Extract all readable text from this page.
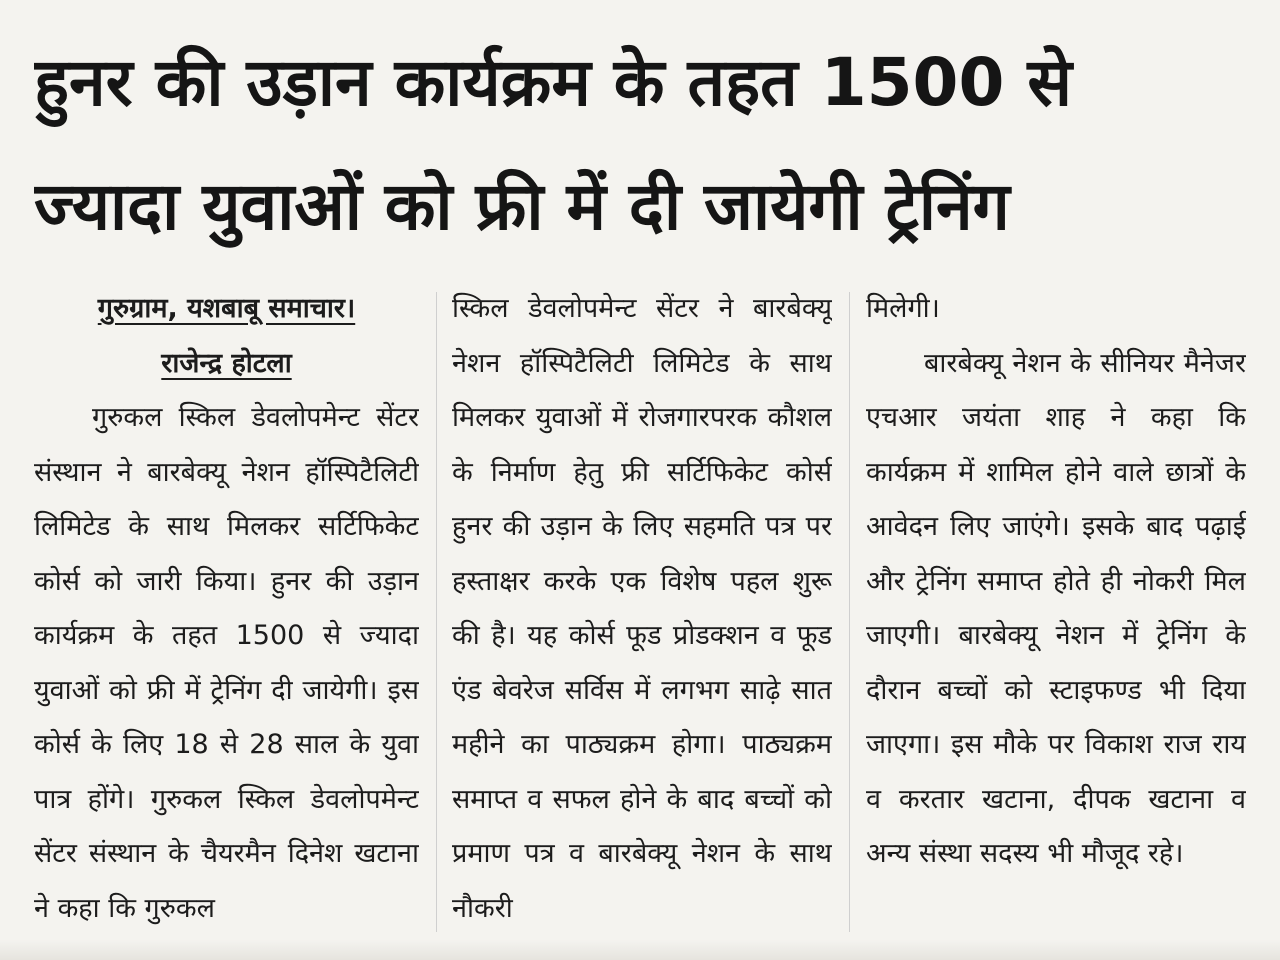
हुनर की उड़ान कार्यक्रम के तहत 1500 से
ज्यादा युवाओं को फ्री में दी जायेगी ट्रेनिंग
गुरुग्राम, यशबाबू समाचार।
राजेन्द्र होटला

गुरुकल स्किल डेवलोपमेन्ट सेंटर संस्थान ने बारबेक्यू नेशन हॉस्पिटैलिटी लिमिटेड के साथ मिलकर सर्टिफिकेट कोर्स को जारी किया। हुनर की उड़ान कार्यक्रम के तहत 1500 से ज्यादा युवाओं को फ्री में ट्रेनिंग दी जायेगी। इस कोर्स के लिए 18 से 28 साल के युवा पात्र होंगे। गुरुकल स्किल डेवलोपमेन्ट सेंटर संस्थान के चैयरमैन दिनेश खटाना ने कहा कि गुरुकल

स्किल डेवलोपमेन्ट सेंटर ने बारबेक्यू नेशन हॉस्पिटैलिटी लिमिटेड के साथ मिलकर युवाओं में रोजगारपरक कौशल के निर्माण हेतु फ्री सर्टिफिकेट कोर्स हुनर की उड़ान के लिए सहमति पत्र पर हस्ताक्षर करके एक विशेष पहल शुरू की है। यह कोर्स फूड प्रोडक्शन व फूड एंड बेवरेज सर्विस में लगभग साढ़े सात महीने का पाठ्यक्रम होगा। पाठ्यक्रम समाप्त व सफल होने के बाद बच्चों को प्रमाण पत्र व बारबेक्यू नेशन के साथ नौकरी

मिलेगी।

बारबेक्यू नेशन के सीनियर मैनेजर एचआर जयंता शाह ने कहा कि कार्यक्रम में शामिल होने वाले छात्रों के आवेदन लिए जाएंगे। इसके बाद पढ़ाई और ट्रेनिंग समाप्त होते ही नोकरी मिल जाएगी। बारबेक्यू नेशन में ट्रेनिंग के दौरान बच्चों को स्टाइफण्ड भी दिया जाएगा। इस मौके पर विकाश राज राय व करतार खटाना, दीपक खटाना व अन्य संस्था सदस्य भी मौजूद रहे।
